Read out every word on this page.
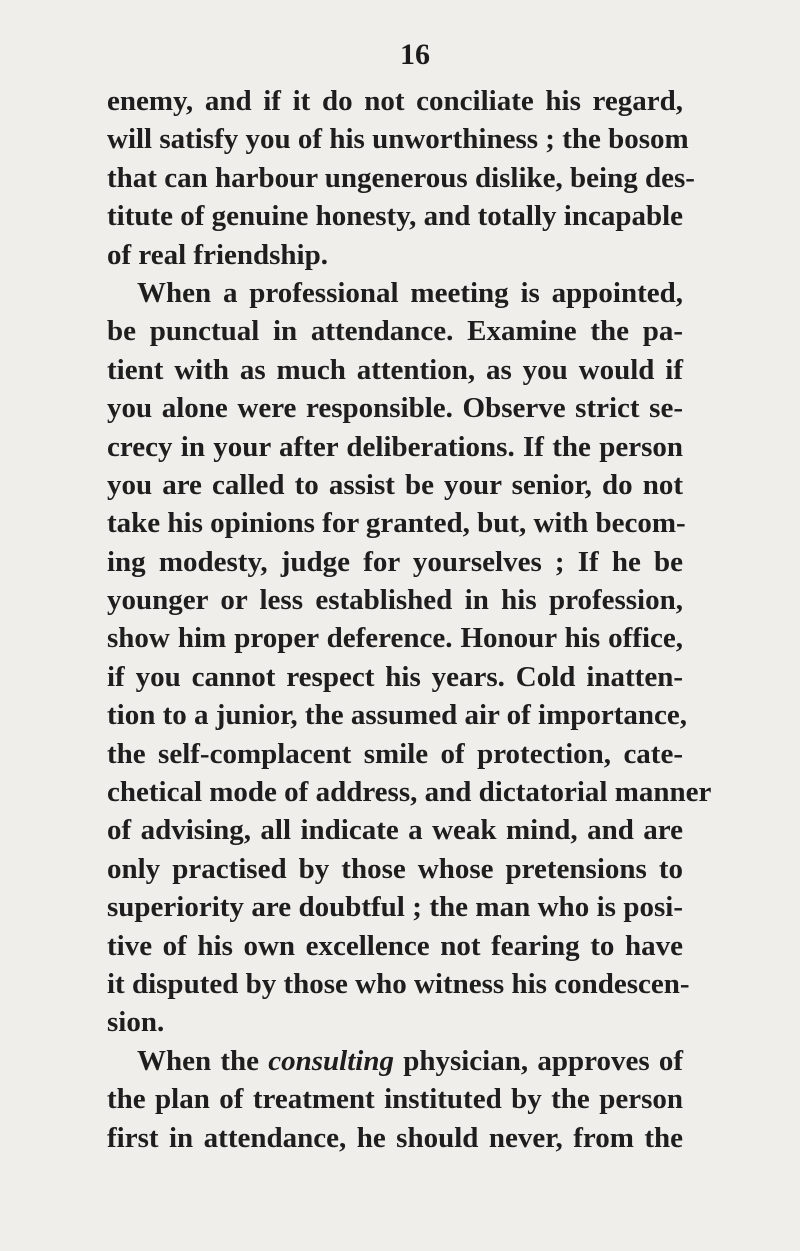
16
enemy, and if it do not conciliate his regard,
will satisfy you of his unworthiness ; the bosom
that can harbour ungenerous dislike, being des-
titute of genuine honesty, and totally incapable
of real friendship.
When a professional meeting is appointed,
be punctual in attendance. Examine the pa-
tient with as much attention, as you would if
you alone were responsible. Observe strict se-
crecy in your after deliberations. If the person
you are called to assist be your senior, do not
take his opinions for granted, but, with becom-
ing modesty, judge for yourselves ; If he be
younger or less established in his profession,
show him proper deference. Honour his office,
if you cannot respect his years. Cold inatten-
tion to a junior, the assumed air of importance,
the self-complacent smile of protection, cate-
chetical mode of address, and dictatorial manner
of advising, all indicate a weak mind, and are
only practised by those whose pretensions to
superiority are doubtful ; the man who is posi-
tive of his own excellence not fearing to have
it disputed by those who witness his condescen-
sion.
When the consulting physician, approves of
the plan of treatment instituted by the person
first in attendance, he should never, from the
